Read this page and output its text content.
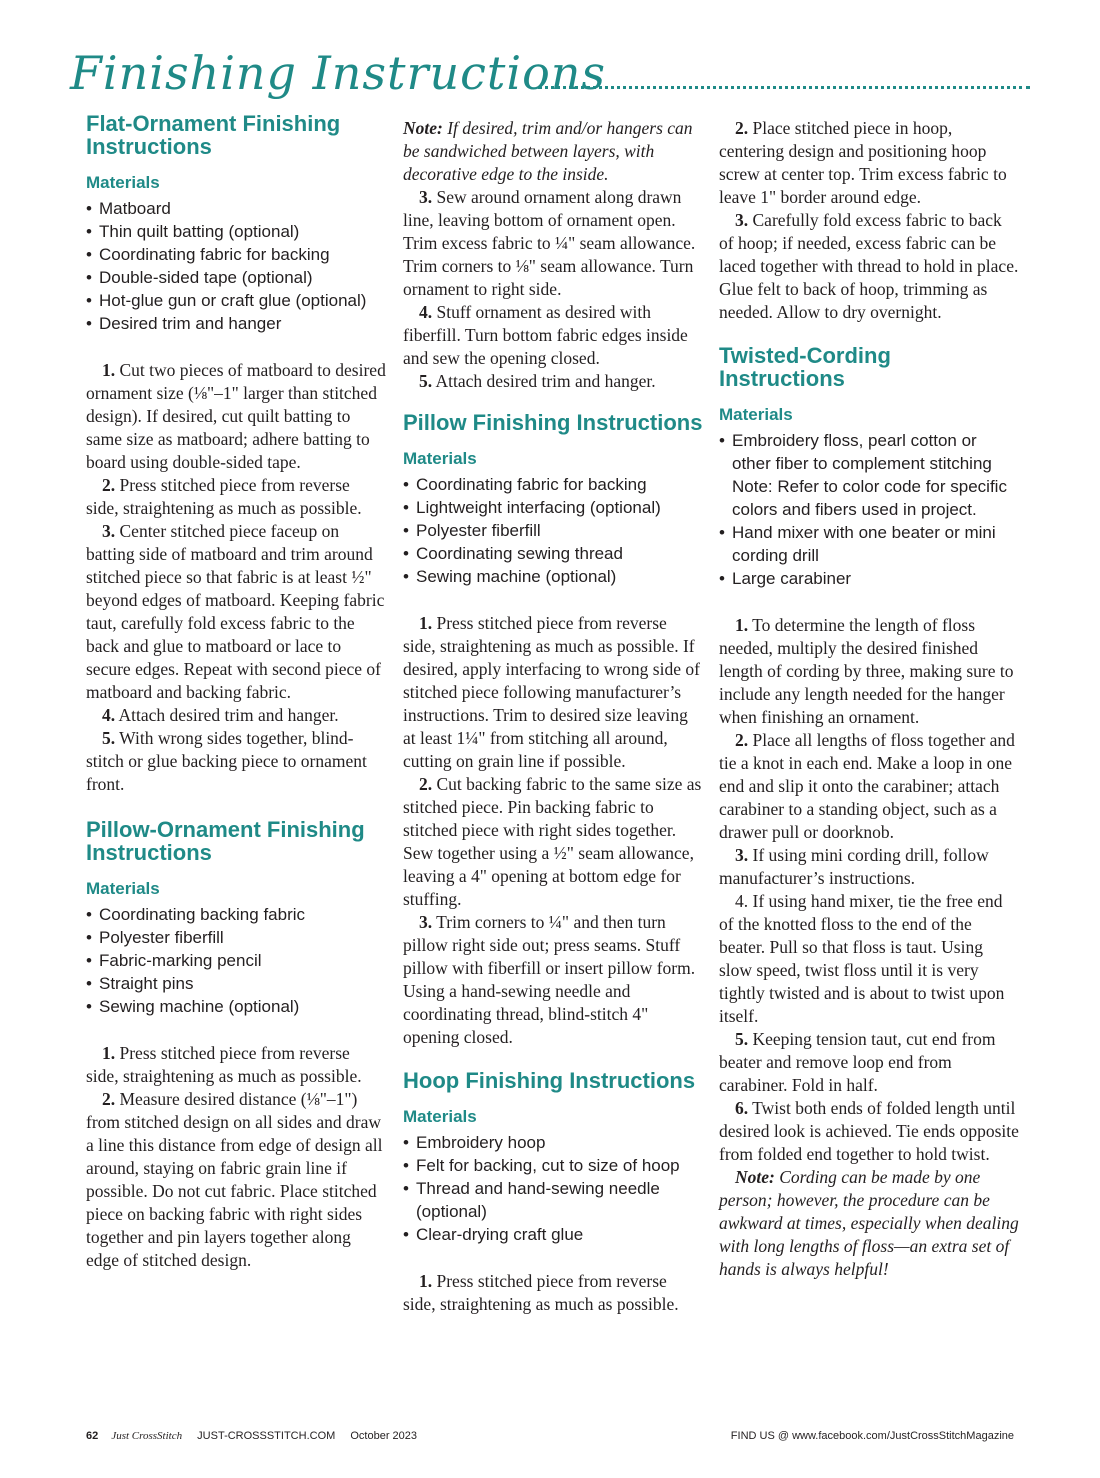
Finishing Instructions
Flat-Ornament Finishing Instructions
Materials
• Matboard
• Thin quilt batting (optional)
• Coordinating fabric for backing
• Double-sided tape (optional)
• Hot-glue gun or craft glue (optional)
• Desired trim and hanger

1. Cut two pieces of matboard to desired ornament size (⅛"–1" larger than stitched design). If desired, cut quilt batting to same size as matboard; adhere batting to board using double-sided tape.

2. Press stitched piece from reverse side, straightening as much as possible.

3. Center stitched piece faceup on batting side of matboard and trim around stitched piece so that fabric is at least ½" beyond edges of matboard. Keeping fabric taut, carefully fold excess fabric to the back and glue to matboard or lace to secure edges. Repeat with second piece of matboard and backing fabric.

4. Attach desired trim and hanger.

5. With wrong sides together, blind-stitch or glue backing piece to ornament front.

Pillow-Ornament Finishing Instructions
Materials
• Coordinating backing fabric
• Polyester fiberfill
• Fabric-marking pencil
• Straight pins
• Sewing machine (optional)

1. Press stitched piece from reverse side, straightening as much as possible.

2. Measure desired distance (⅛"–1") from stitched design on all sides and draw a line this distance from edge of design all around, staying on fabric grain line if possible. Do not cut fabric. Place stitched piece on backing fabric with right sides together and pin layers together along edge of stitched design.

Note: If desired, trim and/or hangers can be sandwiched between layers, with decorative edge to the inside.

3. Sew around ornament along drawn line, leaving bottom of ornament open. Trim excess fabric to ¼" seam allowance. Trim corners to ⅛" seam allowance. Turn ornament to right side.

4. Stuff ornament as desired with fiberfill. Turn bottom fabric edges inside and sew the opening closed.

5. Attach desired trim and hanger.

Pillow Finishing Instructions
Materials
• Coordinating fabric for backing
• Lightweight interfacing (optional)
• Polyester fiberfill
• Coordinating sewing thread
• Sewing machine (optional)

1. Press stitched piece from reverse side, straightening as much as possible. If desired, apply interfacing to wrong side of stitched piece following manufacturer’s instructions. Trim to desired size leaving at least 1¼" from stitching all around, cutting on grain line if possible.

2. Cut backing fabric to the same size as stitched piece. Pin backing fabric to stitched piece with right sides together. Sew together using a ½" seam allowance, leaving a 4" opening at bottom edge for stuffing.

3. Trim corners to ¼" and then turn pillow right side out; press seams. Stuff pillow with fiberfill or insert pillow form. Using a hand-sewing needle and coordinating thread, blind-stitch 4" opening closed.

Hoop Finishing Instructions
Materials
• Embroidery hoop
• Felt for backing, cut to size of hoop
• Thread and hand-sewing needle (optional)
• Clear-drying craft glue

1. Press stitched piece from reverse side, straightening as much as possible.

2. Place stitched piece in hoop, centering design and positioning hoop screw at center top. Trim excess fabric to leave 1" border around edge.

3. Carefully fold excess fabric to back of hoop; if needed, excess fabric can be laced together with thread to hold in place. Glue felt to back of hoop, trimming as needed. Allow to dry overnight.

Twisted-Cording Instructions
Materials
• Embroidery floss, pearl cotton or other fiber to complement stitching Note: Refer to color code for specific colors and fibers used in project.
• Hand mixer with one beater or mini cording drill
• Large carabiner

1. To determine the length of floss needed, multiply the desired finished length of cording by three, making sure to include any length needed for the hanger when finishing an ornament.

2. Place all lengths of floss together and tie a knot in each end. Make a loop in one end and slip it onto the carabiner; attach carabiner to a standing object, such as a drawer pull or doorknob.

3. If using mini cording drill, follow manufacturer’s instructions.

4. If using hand mixer, tie the free end of the knotted floss to the end of the beater. Pull so that floss is taut. Using slow speed, twist floss until it is very tightly twisted and is about to twist upon itself.

5. Keeping tension taut, cut end from beater and remove loop end from carabiner. Fold in half.

6. Twist both ends of folded length until desired look is achieved. Tie ends opposite from folded end together to hold twist.

Note: Cording can be made by one person; however, the procedure can be awkward at times, especially when dealing with long lengths of floss—an extra set of hands is always helpful!

62 Just CrossStitch JUST-CROSSSTITCH.COM October 2023	FIND US @ www.facebook.com/JustCrossStitchMagazine
